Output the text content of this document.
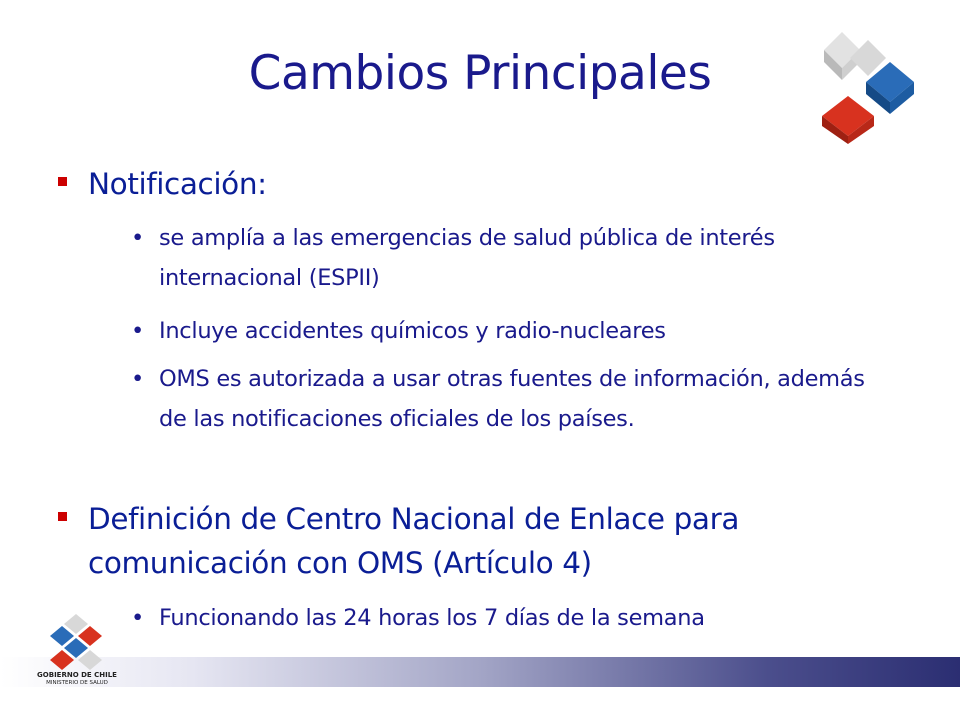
Cambios Principales
Notificación:
• se amplía a las emergencias de salud pública de interés internacional (ESPII)
• Incluye accidentes químicos y radio-nucleares
• OMS es autorizada a usar otras fuentes de información, además de las notificaciones oficiales de los países.
Definición de Centro Nacional de Enlace para comunicación con OMS (Artículo 4)
• Funcionando las 24 horas los 7 días de la semana
GOBIERNO DE CHILE
MINISTERIO DE SALUD
